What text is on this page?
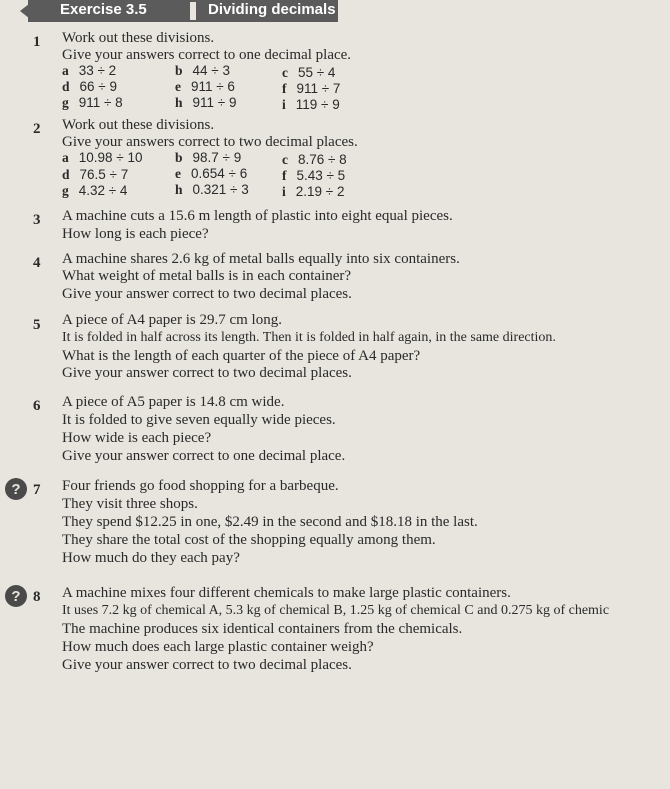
Exercise 3.5	Dividing decimals
1 Work out these divisions.
Give your answers correct to one decimal place.
a 33 ÷ 2	b 44 ÷ 3	c 55 ÷ 4
d 66 ÷ 9	e 911 ÷ 6	f 911 ÷ 7
g 911 ÷ 8	h 911 ÷ 9	i 119 ÷ 9
2 Work out these divisions.
Give your answers correct to two decimal places.
a 10.98 ÷ 10 b 98.7 ÷ 9	c 8.76 ÷ 8
d 76.5 ÷ 7	e 0.654 ÷ 6	f 5.43 ÷ 5
g 4.32 ÷ 4	h 0.321 ÷ 3 i 2.19 ÷ 2
3 A machine cuts a 15.6 m length of plastic into eight equal pieces.
How long is each piece?
4 A machine shares 2.6 kg of metal balls equally into six containers.
What weight of metal balls is in each container?
Give your answer correct to two decimal places.
5 A piece of A4 paper is 29.7 cm long.
It is folded in half across its length. Then it is folded in half again, in the same direction.
What is the length of each quarter of the piece of A4 paper?
Give your answer correct to two decimal places.
6 A piece of A5 paper is 14.8 cm wide.
It is folded to give seven equally wide pieces.
How wide is each piece?
Give your answer correct to one decimal place.
? 7 Four friends go food shopping for a barbeque.
They visit three shops.
They spend $12.25 in one, $2.49 in the second and $18.18 in the last.
They share the total cost of the shopping equally among them.
How much do they each pay?
? 8 A machine mixes four different chemicals to make large plastic containers.
It uses 7.2 kg of chemical A, 5.3 kg of chemical B, 1.25 kg of chemical C and 0.275 kg of chemic
The machine produces six identical containers from the chemicals.
How much does each large plastic container weigh?
Give your answer correct to two decimal places.
